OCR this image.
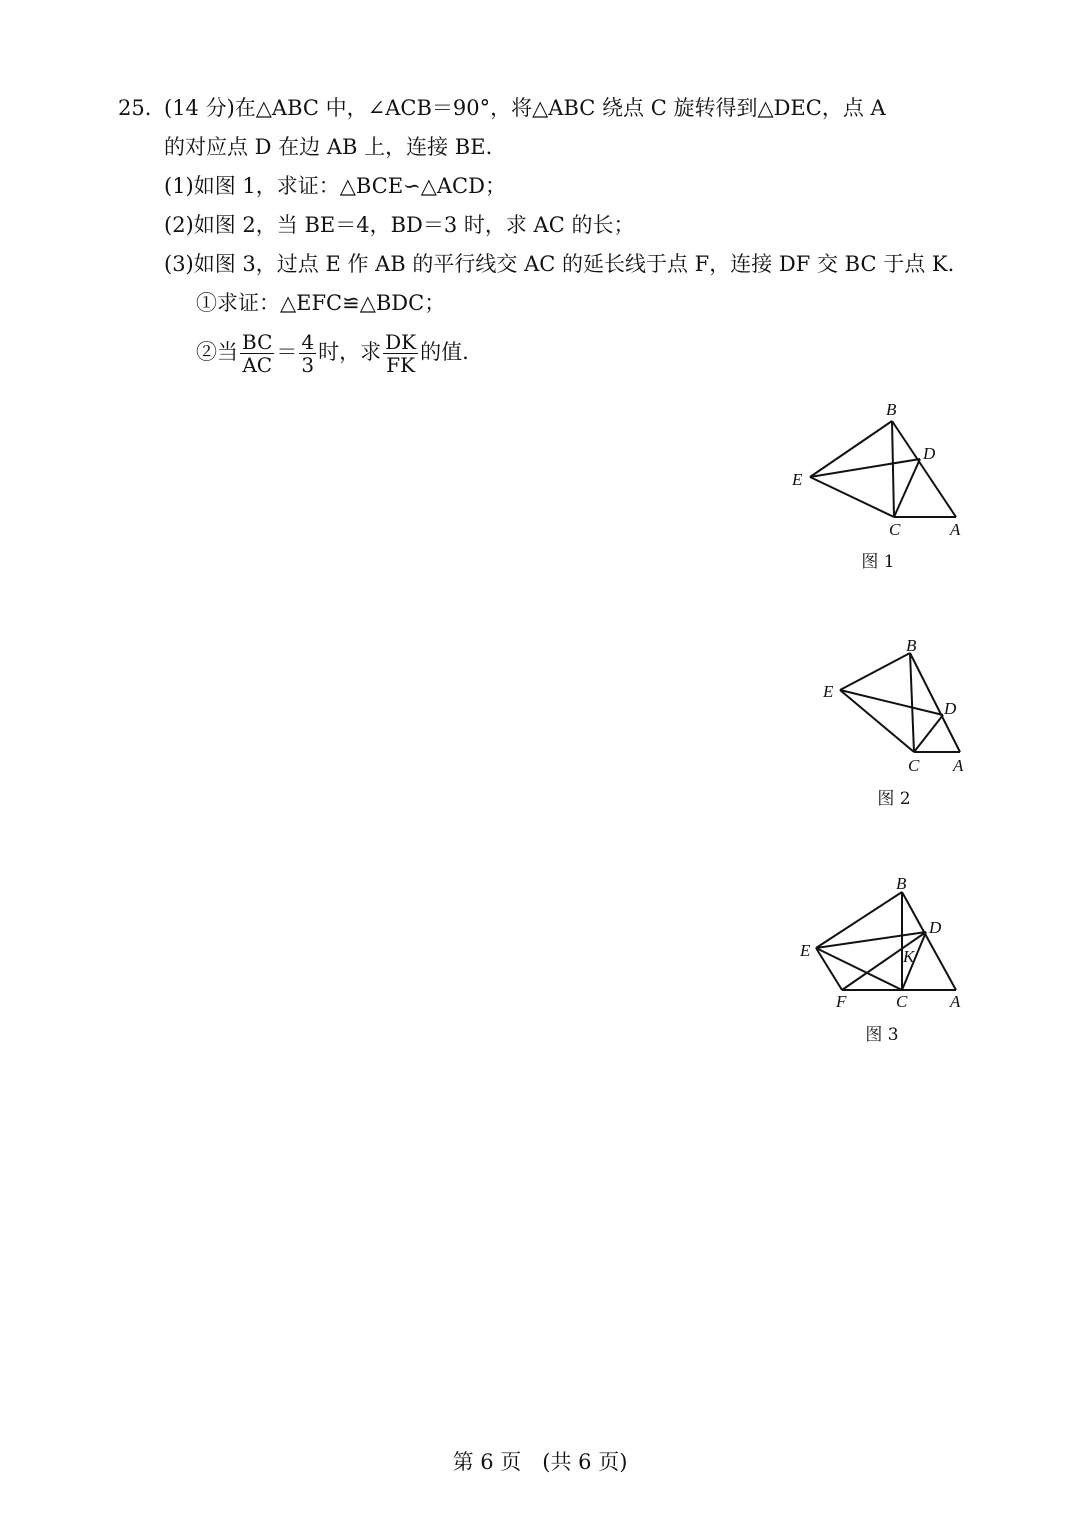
25. (14 分)在△ABC 中，∠ACB＝90°，将△ABC 绕点 C 旋转得到△DEC，点 A
的对应点 D 在边 AB 上，连接 BE.
(1)如图 1，求证：△BCE∽△ACD；
(2)如图 2，当 BE＝4，BD＝3 时，求 AC 的长；
(3)如图 3，过点 E 作 AB 的平行线交 AC 的延长线于点 F，连接 DF 交 BC 于点 K.
①求证：△EFC≌△BDC；
②当 $\frac{BC}{AC} = \frac{4}{3}$ 时，求 $\frac{DK}{FK}$ 的值.
B
D
E
C	A
图 1
B
D
E
C A
图 2
B
D
E	K
F	C	A
图 3
第 6 页　(共 6 页)
